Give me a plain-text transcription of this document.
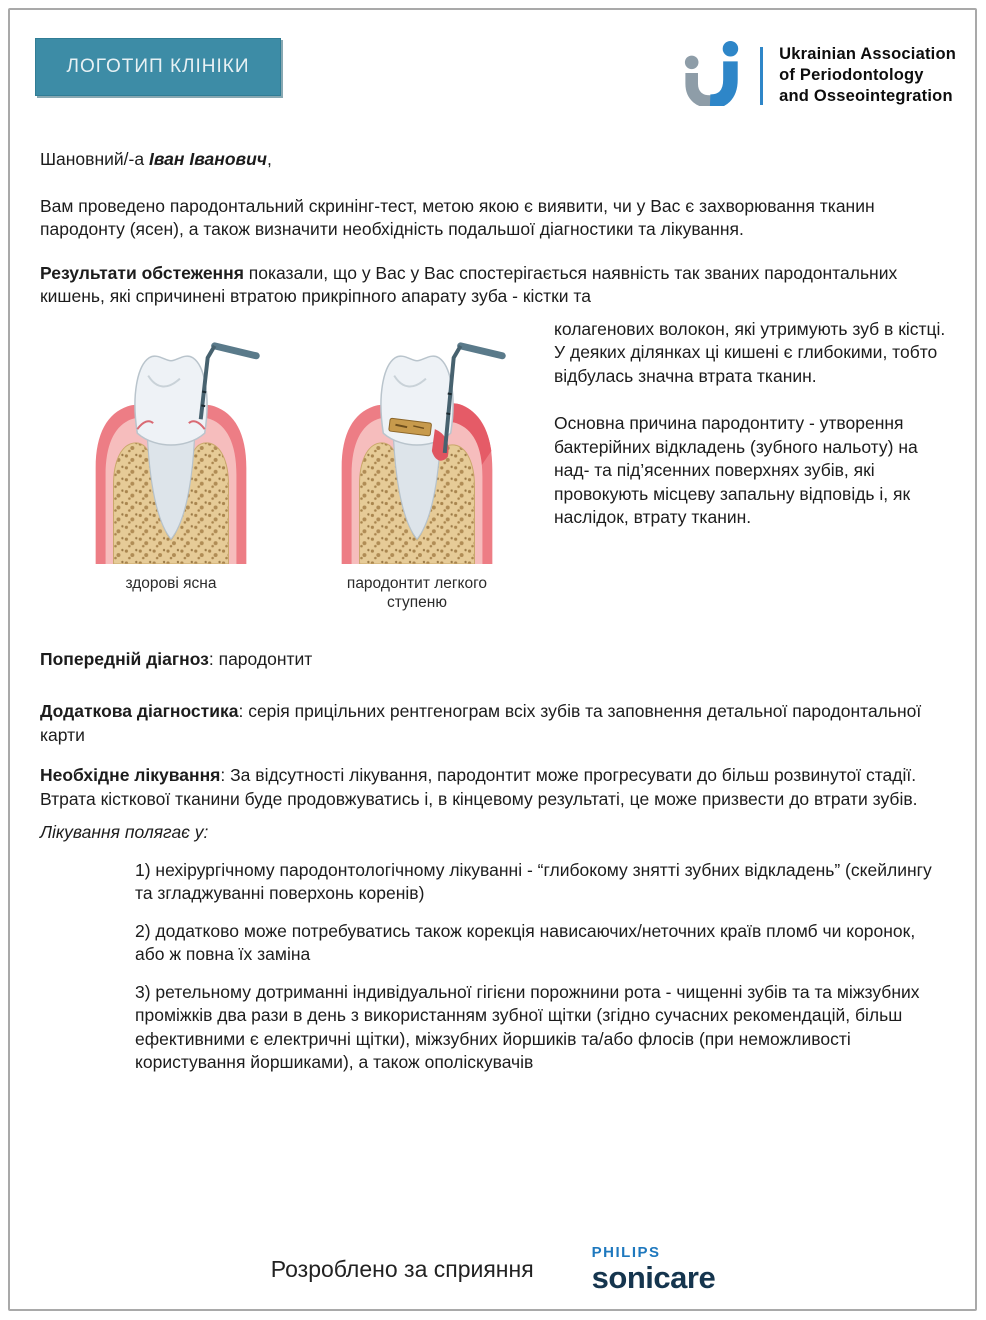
ЛОГОТИП КЛІНІКИ
Ukrainian Association
of Periodontology
and Osseointegration

Шановний/-а Іван Іванович,

Вам проведено пародонтальний скринінг-тест, метою якою є виявити, чи у Вас є захворювання тканин пародонту (ясен), а також визначити необхідність подальшої діагностики та лікування.

Результати обстеження показали, що у Вас у Вас спостерігається наявність так званих пародонтальних кишень, які спричинені втратою прикріпного апарату зуба - кістки та

здорові ясна	пародонтит легкого ступеню

колагенових волокон, які утримують зуб в кістці.

У деяких ділянках ці кишені є глибокими, тобто відбулась значна втрата тканин.

Основна причина пародонтиту - утворення бактерійних відкладень (зубного нальоту) на над- та під’ясенних поверхнях зубів, які провокують місцеву запальну відповідь і, як наслідок, втрату тканин.

Попередній діагноз: пародонтит

Додаткова діагностика: серія прицільних рентгенограм всіх зубів та заповнення детальної пародонтальної карти

Необхідне лікування: За відсутності лікування, пародонтит може прогресувати до більш розвинутої стадії. Втрата кісткової тканини буде продовжуватись і, в кінцевому результаті, це може призвести до втрати зубів.

Лікування полягає у:

1) нехірургічному пародонтологічному лікуванні - “глибокому знятті зубних відкладень” (скейлингу та згладжуванні поверхонь коренів)
2) додатково може потребуватись також корекція нависаючих/неточних країв пломб чи коронок, або ж повна їх заміна
3) ретельному дотриманні індивідуальної гігієни порожнини рота - чищенні зубів та та міжзубних проміжків два рази в день з використанням зубної щітки (згідно сучасних рекомендацій, більш ефективними є електричні щітки), міжзубних йоршиків та/або флосів (при неможливості користування йоршиками), а також ополіскувачів
Розроблено за сприяння
PHILIPS
sonicare
